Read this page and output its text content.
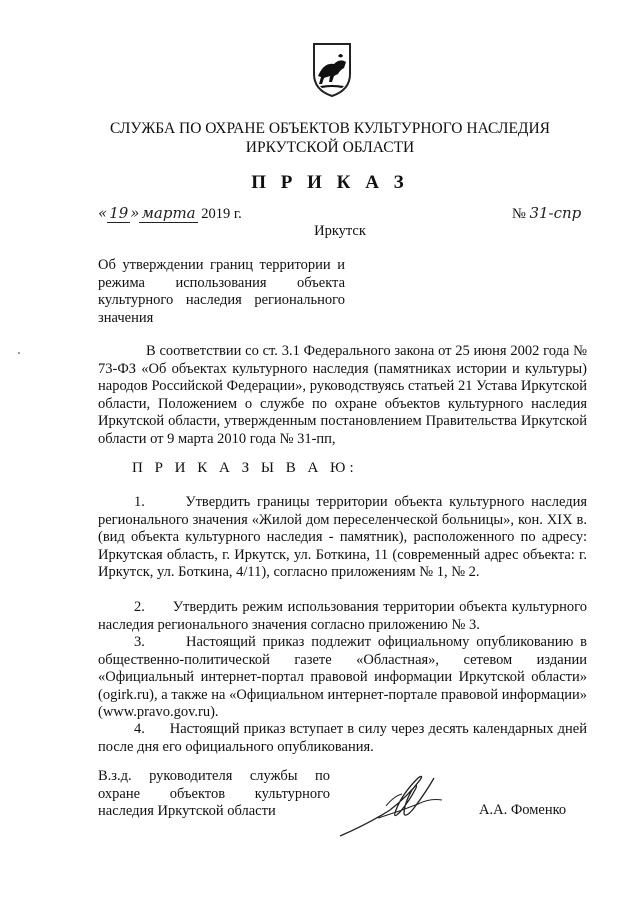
СЛУЖБА ПО ОХРАНЕ ОБЪЕКТОВ КУЛЬТУРНОГО НАСЛЕДИЯ
ИРКУТСКОЙ ОБЛАСТИ
П Р И К А З
« 19 » марта 2019 г.	№ 31-спр
Иркутск
Об утверждении границ территории и режима использования объекта культурного наследия регионального значения
В соответствии со ст. 3.1 Федерального закона от 25 июня 2002 года № 73-ФЗ «Об объектах культурного наследия (памятниках истории и культуры) народов Российской Федерации», руководствуясь статьей 21 Устава Иркутской области, Положением о службе по охране объектов культурного наследия Иркутской области, утвержденным постановлением Правительства Иркутской области от 9 марта 2010 года № 31-пп,
П Р И К А З Ы В А Ю:
1.	Утвердить границы территории объекта культурного наследия регионального значения «Жилой дом переселенческой больницы», кон. XIX в. (вид объекта культурного наследия - памятник), расположенного по адресу: Иркутская область, г. Иркутск, ул. Боткина, 11 (современный адрес объекта: г. Иркутск, ул. Боткина, 4/11), согласно приложениям № 1, № 2.
2. Утвердить режим использования территории объекта культурного наследия регионального значения согласно приложению № 3.
3.	Настоящий приказ подлежит официальному опубликованию в общественно-политической газете «Областная», сетевом издании «Официальный интернет-портал правовой информации Иркутской области» (ogirk.ru), а также на «Официальном интернет-портале правовой информации» (www.pravo.gov.ru).
4. Настоящий приказ вступает в силу через десять календарных дней после дня его официального опубликования.
В.з.д. руководителя службы по охране объектов культурного наследия Иркутской области	А.А. Фоменко
